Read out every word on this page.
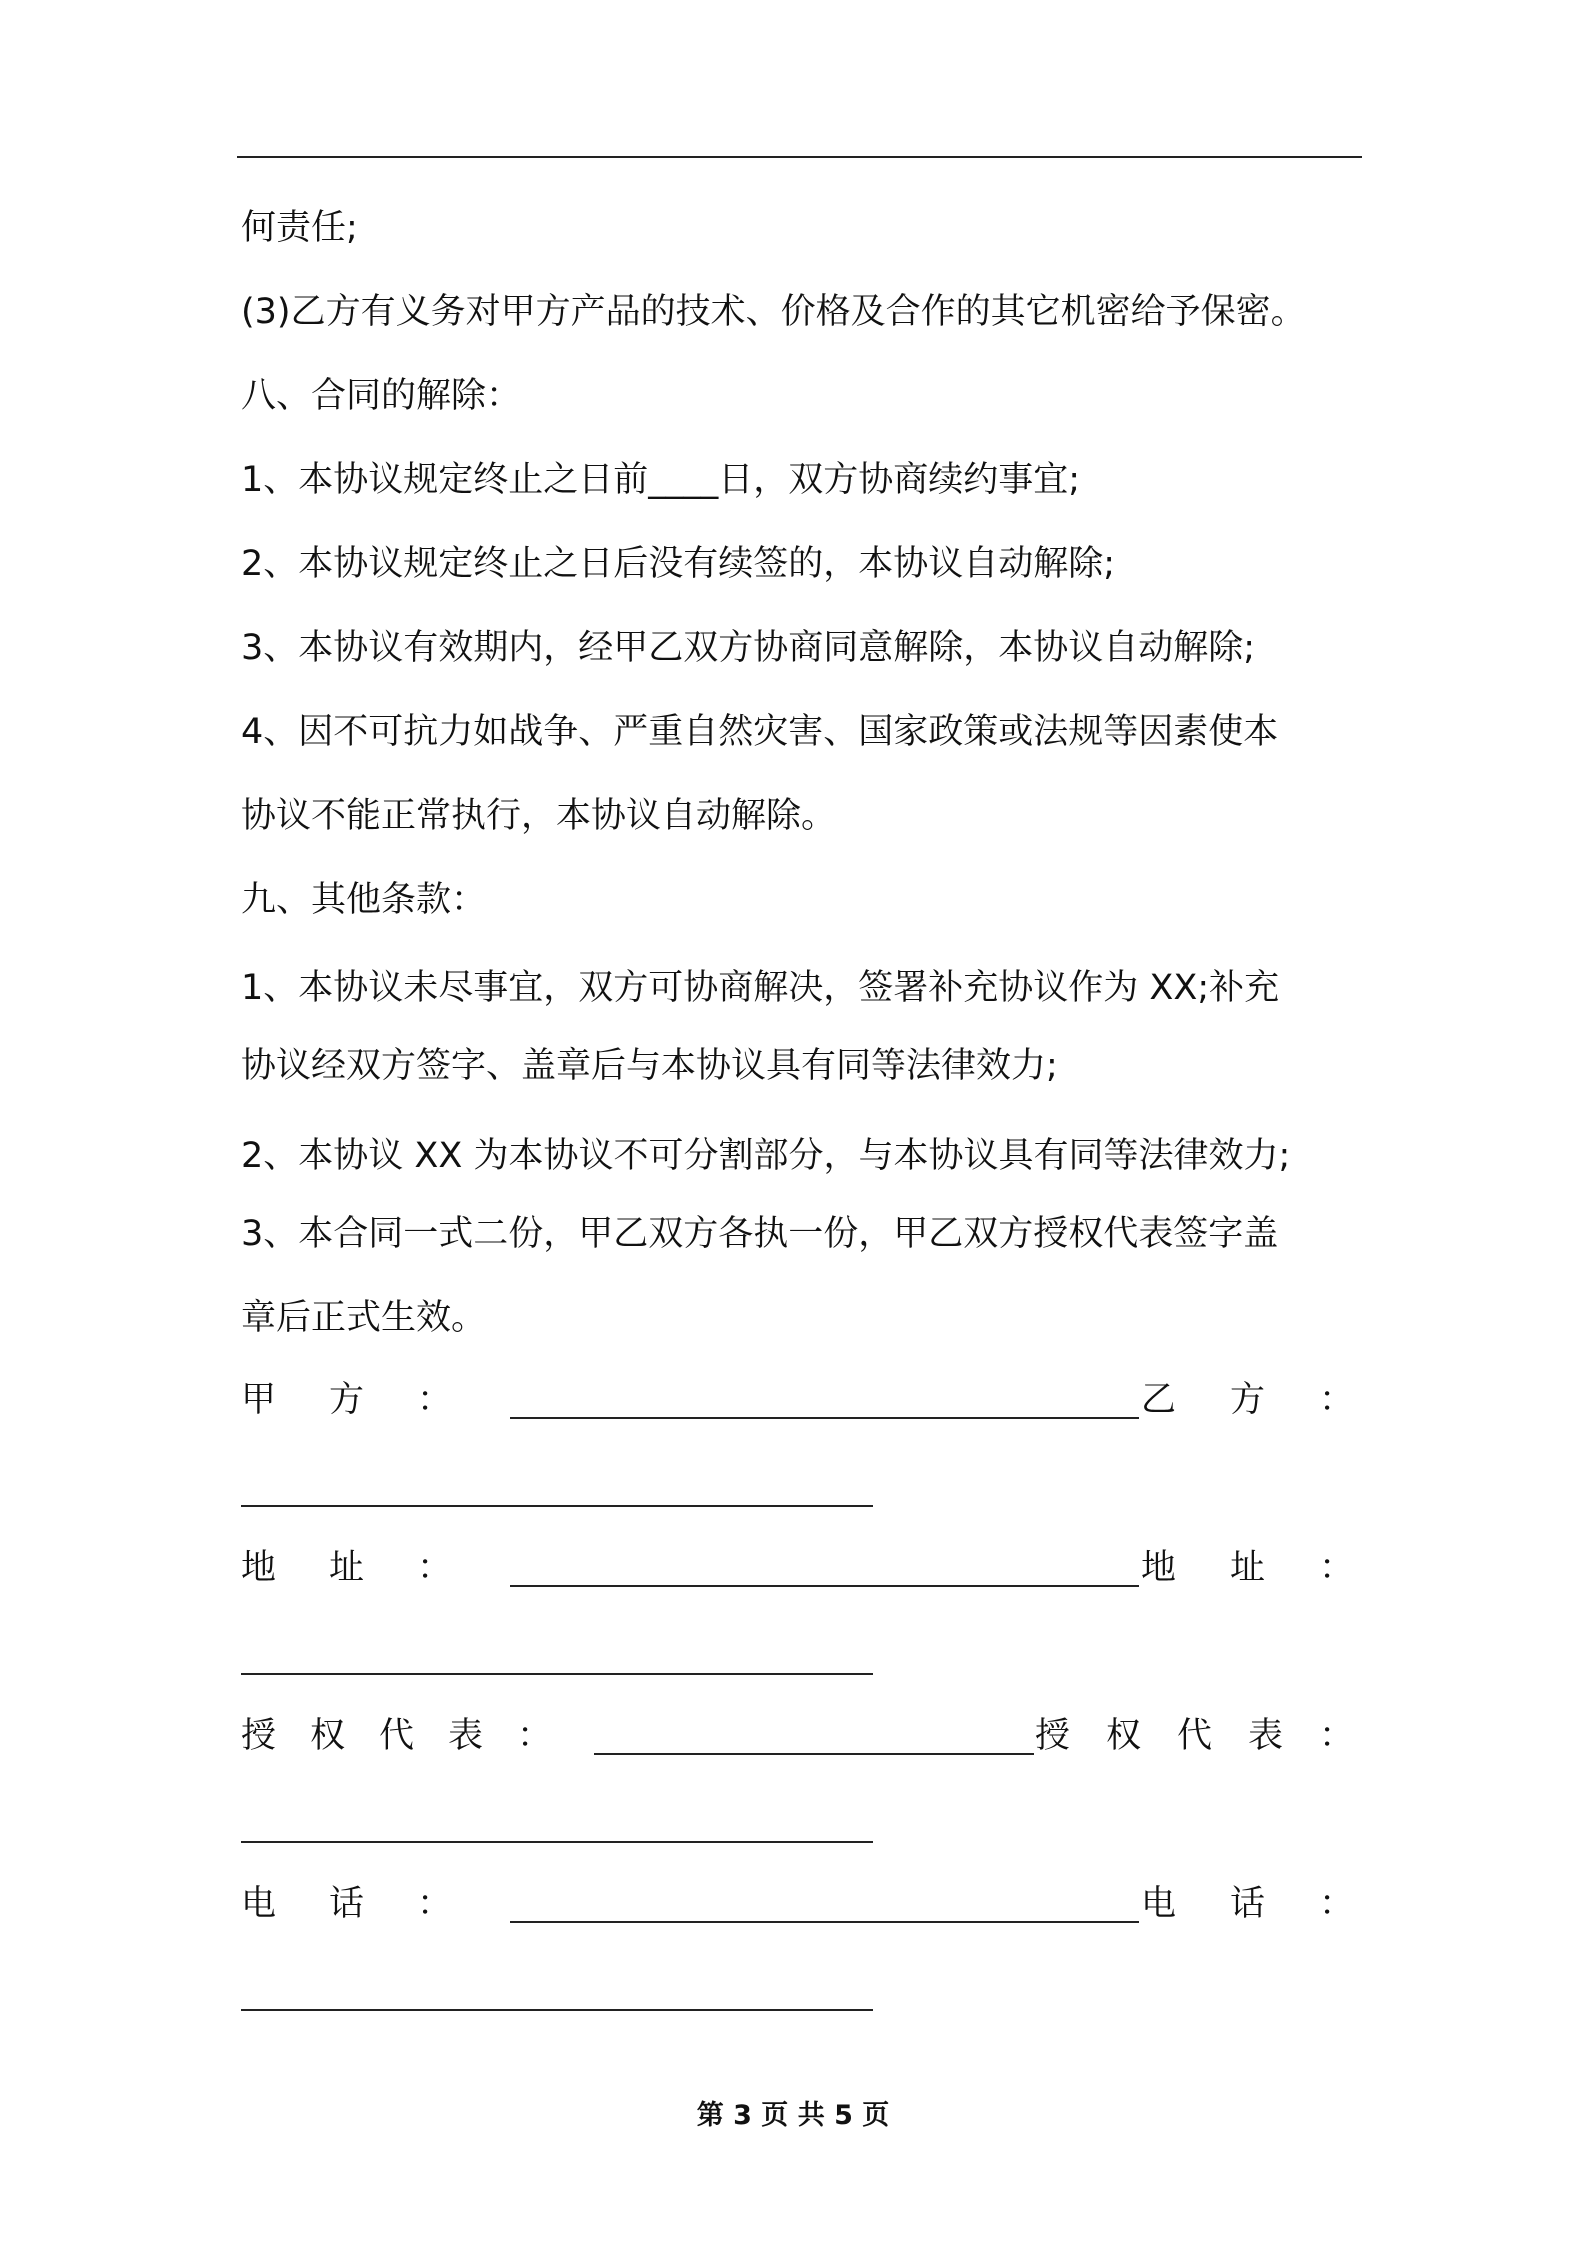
何责任;
(3)乙方有义务对甲方产品的技术、价格及合作的其它机密给予保密。
八、合同的解除：
1、本协议规定终止之日前____日，双方协商续约事宜;
2、本协议规定终止之日后没有续签的，本协议自动解除;
3、本协议有效期内，经甲乙双方协商同意解除，本协议自动解除;
4、因不可抗力如战争、严重自然灾害、国家政策或法规等因素使本
协议不能正常执行，本协议自动解除。
九、其他条款：
1、本协议未尽事宜，双方可协商解决，签署补充协议作为 XX;补充
协议经双方签字、盖章后与本协议具有同等法律效力;
2、本协议 XX 为本协议不可分割部分，与本协议具有同等法律效力;
3、本合同一式二份，甲乙双方各执一份，甲乙双方授权代表签字盖
章后正式生效。
甲 方 ：	乙 方 ：
地 址 ：	地 址 ：
授 权 代 表 ：	授 权 代 表 ：
电 话 ：	电 话 ：
第 3 页 共 5 页
